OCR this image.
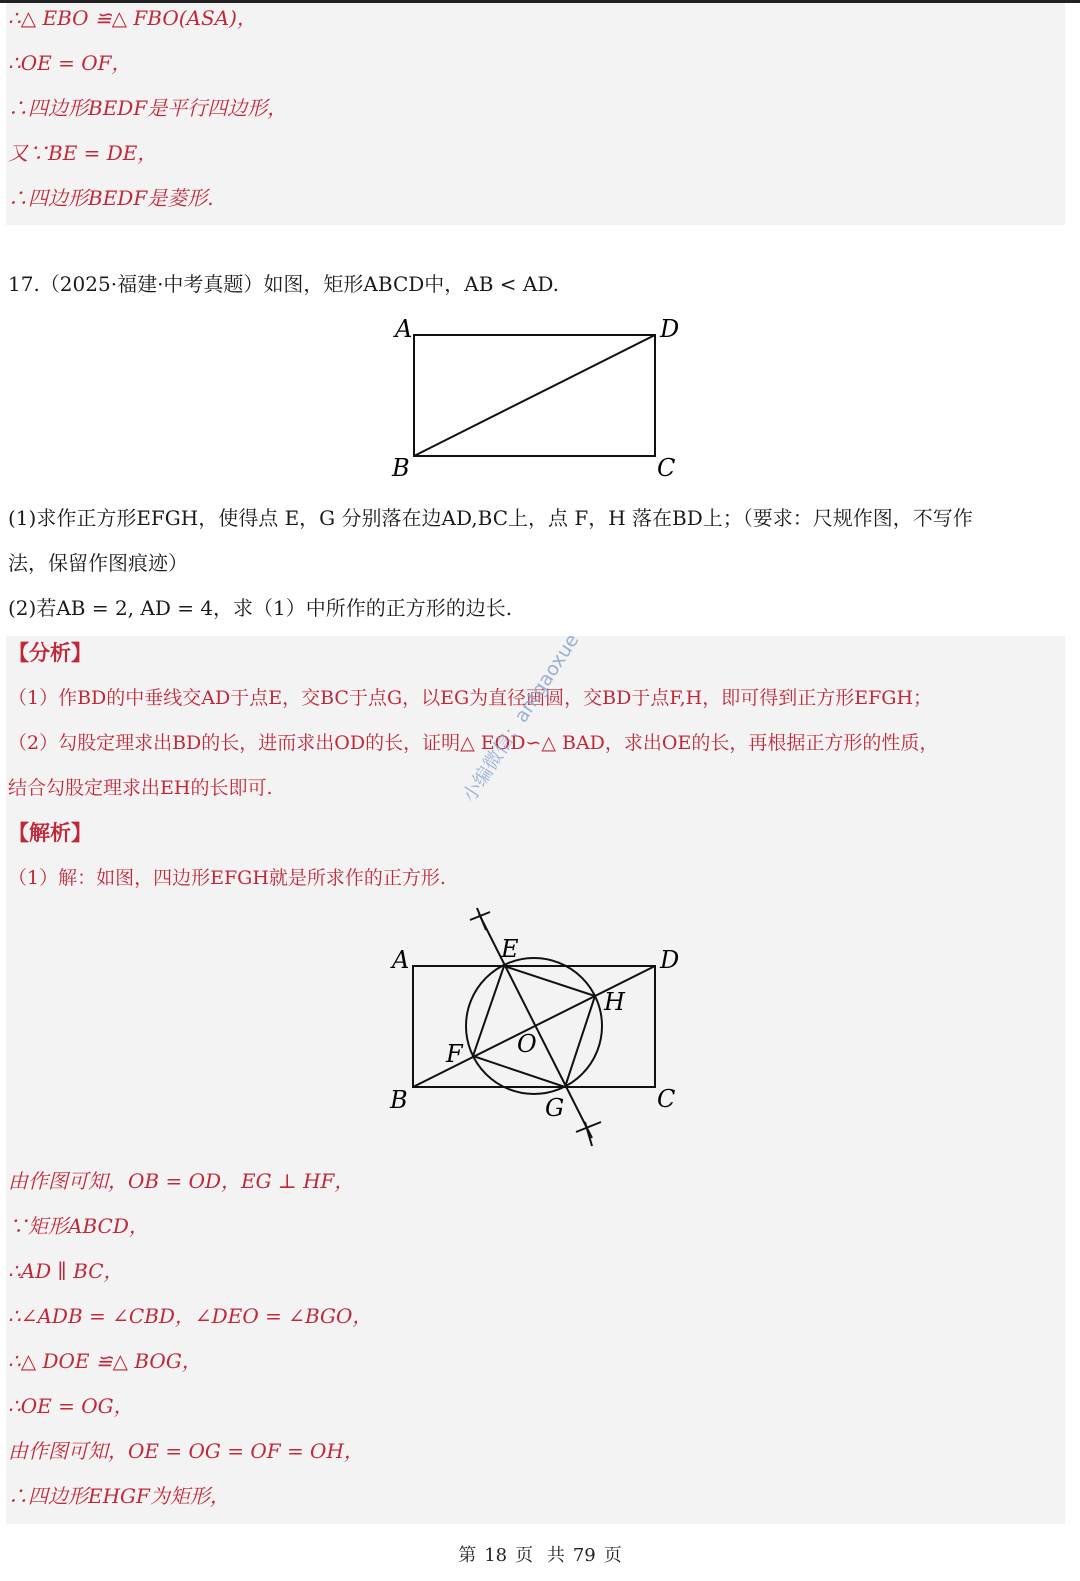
∴△ EBO ≌△ FBO(ASA)，
∴OE = OF，
∴四边形BEDF是平行四边形，
又∵BE = DE，
∴四边形BEDF是菱形.
17.（2025·福建·中考真题）如图，矩形ABCD中，AB < AD.
A	D
B	C
(1)求作正方形EFGH，使得点 E，G 分别落在边AD,BC上，点 F，H 落在BD上；（要求：尺规作图，不写作
法，保留作图痕迹）
(2)若AB = 2, AD = 4，求（1）中所作的正方形的边长.
【分析】
（1）作BD的中垂线交AD于点E，交BC于点G，以EG为直径画圆，交BD于点F,H，即可得到正方形EFGH；
（2）勾股定理求出BD的长，进而求出OD的长，证明△ EOD∽△ BAD，求出OE的长，再根据正方形的性质，
结合勾股定理求出EH的长即可.
【解析】
（1）解：如图，四边形EFGH就是所求作的正方形.
A	D
B	C
E
H
F O
G
由作图可知，OB = OD，EG ⊥ HF，
∵矩形ABCD，
∴AD ∥ BC，
∴∠ADB = ∠CBD，∠DEO = ∠BGO，
∴△ DOE ≌△ BOG，
∴OE = OG，
由作图可知，OE = OG = OF = OH，
∴四边形EHGF为矩形，
小编微信：antgaoxue
第 18 页 共 79 页
